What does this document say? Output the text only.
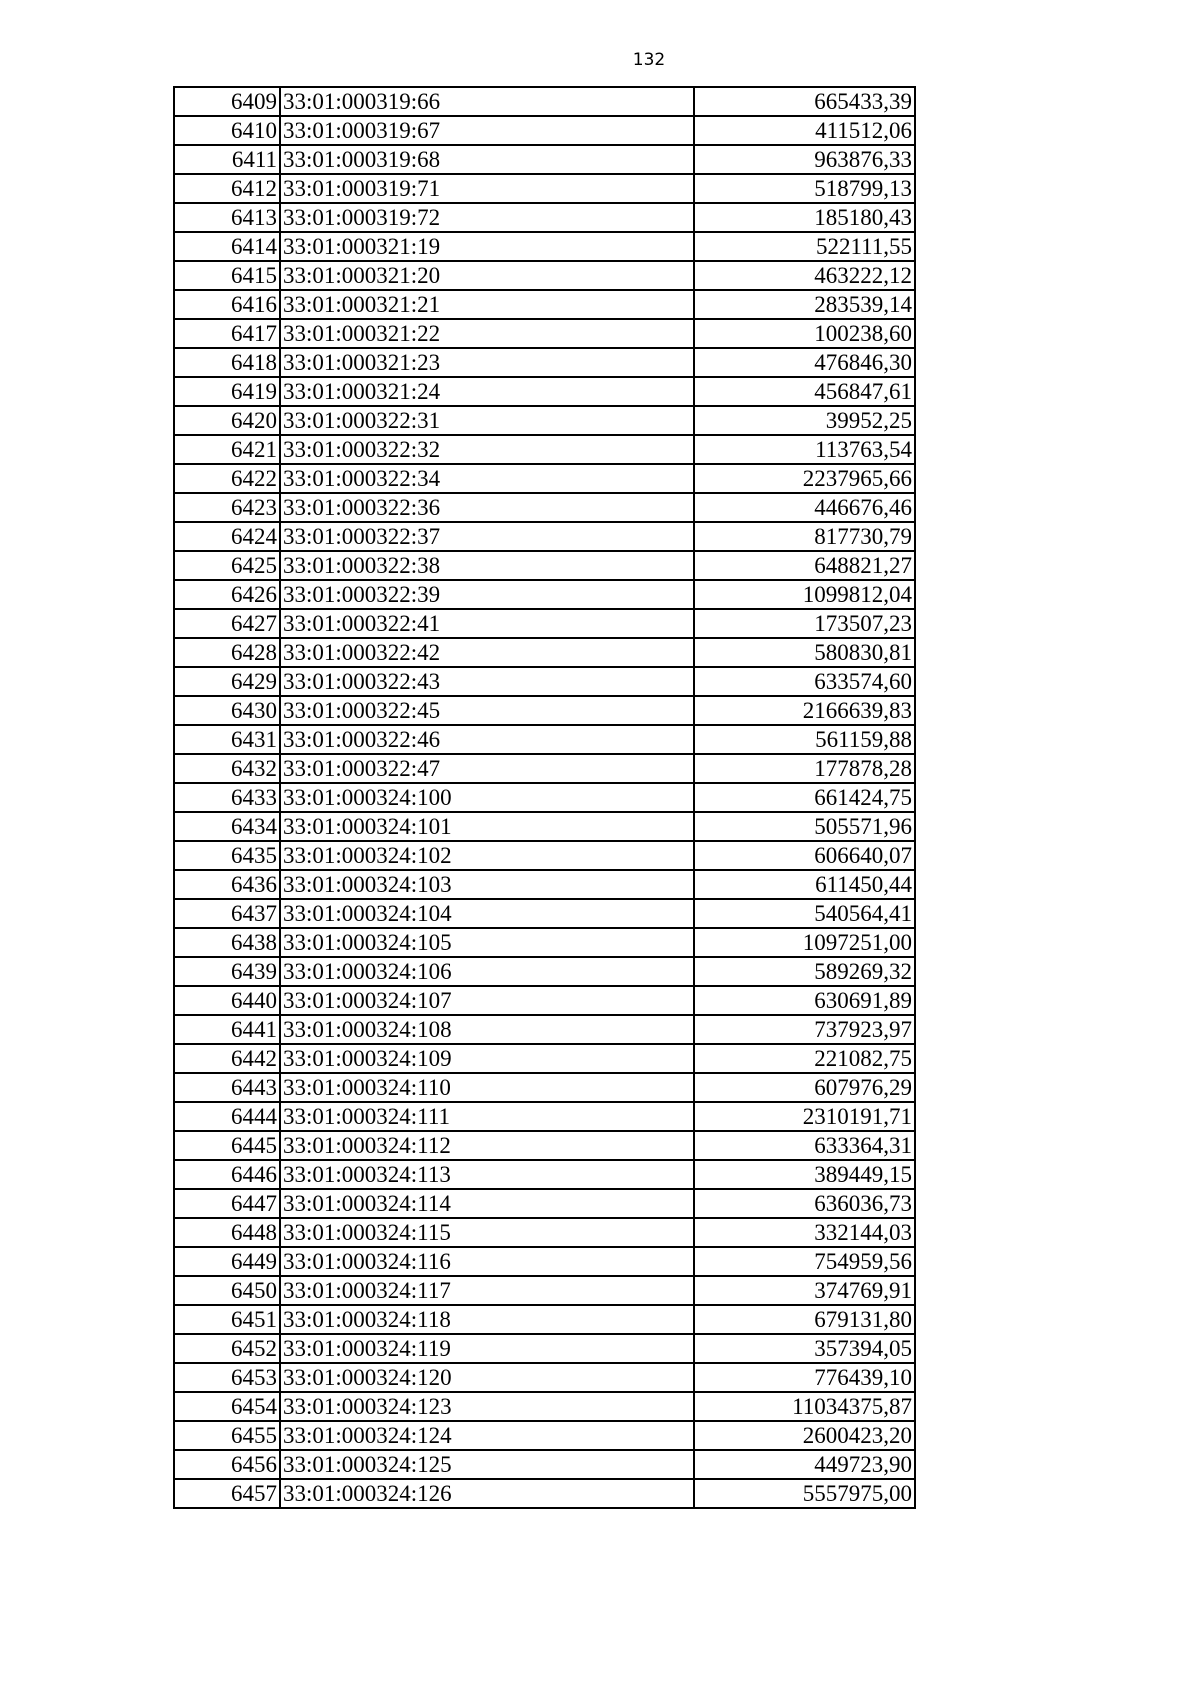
132
6409	33:01:000319:66	665433,39
6410	33:01:000319:67	411512,06
6411	33:01:000319:68	963876,33
6412	33:01:000319:71	518799,13
6413	33:01:000319:72	185180,43
6414	33:01:000321:19	522111,55
6415	33:01:000321:20	463222,12
6416	33:01:000321:21	283539,14
6417	33:01:000321:22	100238,60
6418	33:01:000321:23	476846,30
6419	33:01:000321:24	456847,61
6420	33:01:000322:31	39952,25
6421	33:01:000322:32	113763,54
6422	33:01:000322:34	2237965,66
6423	33:01:000322:36	446676,46
6424	33:01:000322:37	817730,79
6425	33:01:000322:38	648821,27
6426	33:01:000322:39	1099812,04
6427	33:01:000322:41	173507,23
6428	33:01:000322:42	580830,81
6429	33:01:000322:43	633574,60
6430	33:01:000322:45	2166639,83
6431	33:01:000322:46	561159,88
6432	33:01:000322:47	177878,28
6433	33:01:000324:100	661424,75
6434	33:01:000324:101	505571,96
6435	33:01:000324:102	606640,07
6436	33:01:000324:103	611450,44
6437	33:01:000324:104	540564,41
6438	33:01:000324:105	1097251,00
6439	33:01:000324:106	589269,32
6440	33:01:000324:107	630691,89
6441	33:01:000324:108	737923,97
6442	33:01:000324:109	221082,75
6443	33:01:000324:110	607976,29
6444	33:01:000324:111	2310191,71
6445	33:01:000324:112	633364,31
6446	33:01:000324:113	389449,15
6447	33:01:000324:114	636036,73
6448	33:01:000324:115	332144,03
6449	33:01:000324:116	754959,56
6450	33:01:000324:117	374769,91
6451	33:01:000324:118	679131,80
6452	33:01:000324:119	357394,05
6453	33:01:000324:120	776439,10
6454	33:01:000324:123	11034375,87
6455	33:01:000324:124	2600423,20
6456	33:01:000324:125	449723,90
6457	33:01:000324:126	5557975,00
